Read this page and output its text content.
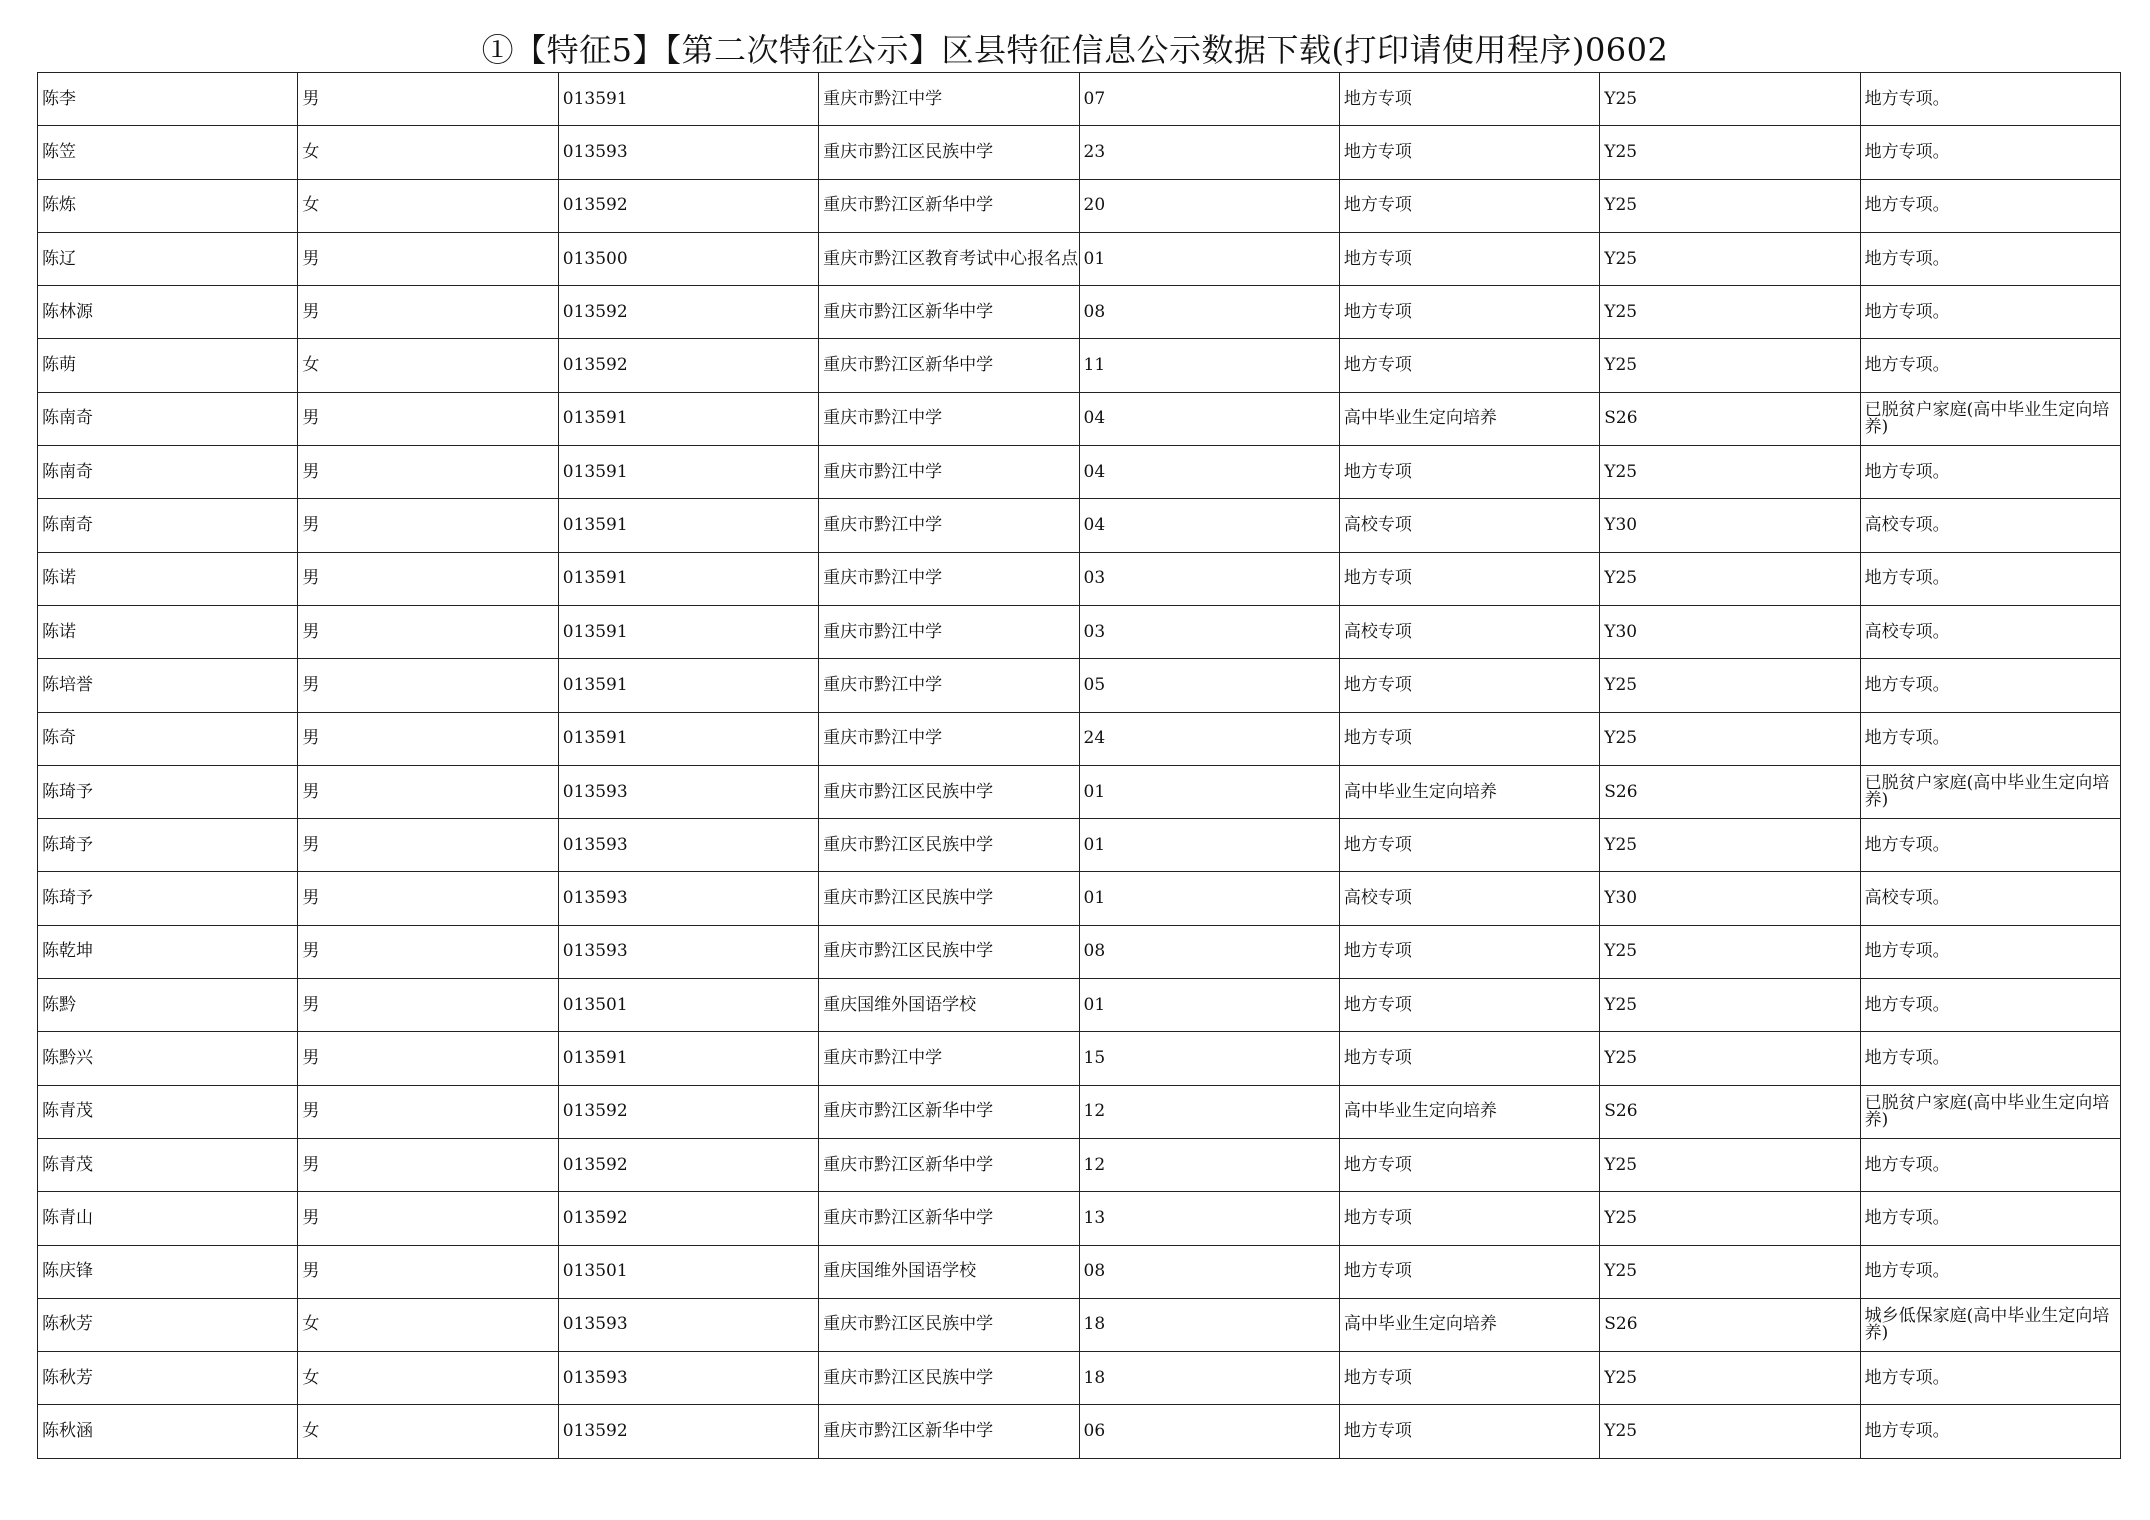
①【特征5】【第二次特征公示】区县特征信息公示数据下载(打印请使用程序)0602
陈李	男	013591	重庆市黔江中学	07	地方专项	Y25	地方专项。
陈笠	女	013593	重庆市黔江区民族中学	23	地方专项	Y25	地方专项。
陈炼	女	013592	重庆市黔江区新华中学	20	地方专项	Y25	地方专项。
陈辽	男	013500	重庆市黔江区教育考试中心报名点	01	地方专项	Y25	地方专项。
陈林源	男	013592	重庆市黔江区新华中学	08	地方专项	Y25	地方专项。
陈萌	女	013592	重庆市黔江区新华中学	11	地方专项	Y25	地方专项。
陈南奇	男	013591	重庆市黔江中学	04	高中毕业生定向培养	S26	已脱贫户家庭(高中毕业生定向培养)
陈南奇	男	013591	重庆市黔江中学	04	地方专项	Y25	地方专项。
陈南奇	男	013591	重庆市黔江中学	04	高校专项	Y30	高校专项。
陈诺	男	013591	重庆市黔江中学	03	地方专项	Y25	地方专项。
陈诺	男	013591	重庆市黔江中学	03	高校专项	Y30	高校专项。
陈培誉	男	013591	重庆市黔江中学	05	地方专项	Y25	地方专项。
陈奇	男	013591	重庆市黔江中学	24	地方专项	Y25	地方专项。
陈琦予	男	013593	重庆市黔江区民族中学	01	高中毕业生定向培养	S26	已脱贫户家庭(高中毕业生定向培养)
陈琦予	男	013593	重庆市黔江区民族中学	01	地方专项	Y25	地方专项。
陈琦予	男	013593	重庆市黔江区民族中学	01	高校专项	Y30	高校专项。
陈乾坤	男	013593	重庆市黔江区民族中学	08	地方专项	Y25	地方专项。
陈黔	男	013501	重庆国维外国语学校	01	地方专项	Y25	地方专项。
陈黔兴	男	013591	重庆市黔江中学	15	地方专项	Y25	地方专项。
陈青茂	男	013592	重庆市黔江区新华中学	12	高中毕业生定向培养	S26	已脱贫户家庭(高中毕业生定向培养)
陈青茂	男	013592	重庆市黔江区新华中学	12	地方专项	Y25	地方专项。
陈青山	男	013592	重庆市黔江区新华中学	13	地方专项	Y25	地方专项。
陈庆锋	男	013501	重庆国维外国语学校	08	地方专项	Y25	地方专项。
陈秋芳	女	013593	重庆市黔江区民族中学	18	高中毕业生定向培养	S26	城乡低保家庭(高中毕业生定向培养)
陈秋芳	女	013593	重庆市黔江区民族中学	18	地方专项	Y25	地方专项。
陈秋涵	女	013592	重庆市黔江区新华中学	06	地方专项	Y25	地方专项。
